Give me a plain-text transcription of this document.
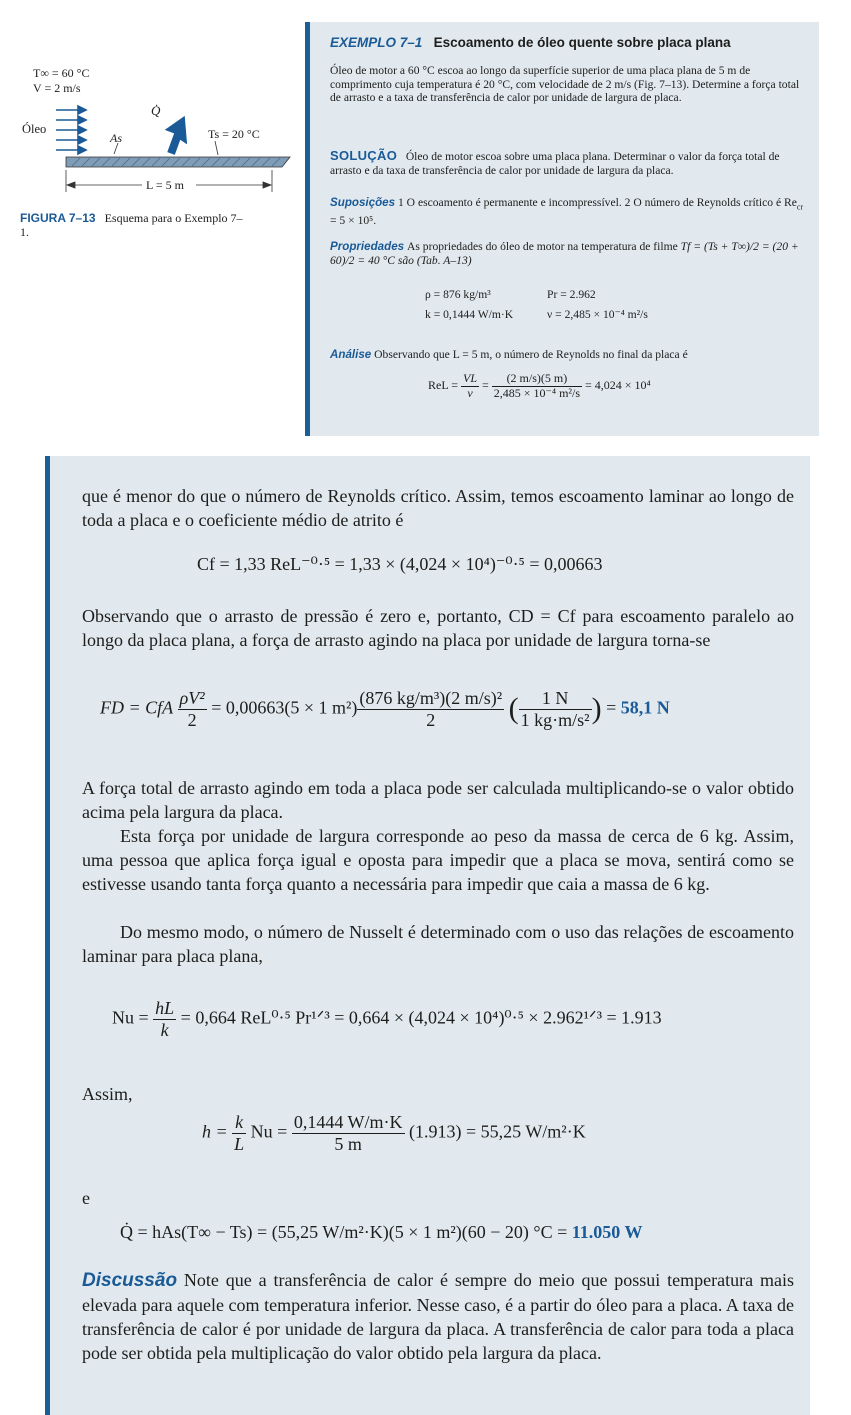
T∞ = 60 °C
V = 2 m/s
Óleo
Q̇
As	Ts = 20 °C
L = 5 m
FIGURA 7–13 Esquema para o Exemplo 7–1.
EXEMPLO 7–1 Escoamento de óleo quente sobre placa plana
Óleo de motor a 60 °C escoa ao longo da superfície superior de uma placa plana de 5 m de comprimento cuja temperatura é 20 °C, com velocidade de 2 m/s (Fig. 7–13). Determine a força total de arrasto e a taxa de transferência de calor por unidade de largura de placa.
SOLUÇÃO Óleo de motor escoa sobre uma placa plana. Determinar o valor da força total de arrasto e da taxa de transferência de calor por unidade de largura da placa.
Suposições 1 O escoamento é permanente e incompressível. 2 O número de Reynolds crítico é $Re_{cr} = 5 \times 10^5$.
Propriedades As propriedades do óleo de motor na temperatura de filme Tf = (Ts + T∞)/2 = (20 + 60)/2 = 40 °C são (Tab. A–13)
ρ = 876 kg/m³	Pr = 2.962
k = 0,1444 W/m·K	ν = 2,485 × 10⁻⁴ m²/s
Análise Observando que L = 5 m, o número de Reynolds no final da placa é
ReL = $\frac{VL}{\nu} = \frac{(2 m/s)(5 m)}{\text{2,485 × 10⁻⁴ m²/s}} = 4,024 \times 10^4$
que é menor do que o número de Reynolds crítico. Assim, temos escoamento laminar ao longo de toda a placa e o coeficiente médio de atrito é
Cf = 1,33 ReL⁻⁰·⁵ = 1,33 × (4,024 × 10⁴)⁻⁰·⁵ = 0,00663
Observando que o arrasto de pressão é zero e, portanto, CD = Cf para escoamento paralelo ao longo da placa plana, a força de arrasto agindo na placa por unidade de largura torna-se
FD = CfA $\frac{\text{ρV²}}{2} = 0,00663(5 \times 1$ $m^2) \frac{\text{(876 kg/m³)(2 m/s)²}}{2}$ ( $\frac{1 N}{\text{1 kg·m/s²}}$ ) = 58,1 N
A força total de arrasto agindo em toda a placa pode ser calculada multiplicando-se o valor obtido acima pela largura da placa.
Esta força por unidade de largura corresponde ao peso da massa de cerca de 6 kg. Assim, uma pessoa que aplica força igual e oposta para impedir que a placa se mova, sentirá como se estivesse usando tanta força quanto a necessária para impedir que caia a massa de 6 kg.
Do mesmo modo, o número de Nusselt é determinado com o uso das relações de escoamento laminar para placa plana,
$Nu = \frac{hL}{k} = 0,664$ ReL⁰·⁵ Pr¹ᐟ³ = 0,664 × (4,024 × 10⁴)⁰·⁵ × 2.962¹ᐟ³ = 1.913
Assim,
$h = \frac{k}{L}$ $Nu = \frac{0,1444 W/m\cdot K}{5 m} (1.913) = 55,25$ W/m²·K
e
Q̇ = hAs(T∞ − Ts) = (55,25 W/m²·K)(5 × 1 m²)(60 − 20) °C = 11.050 W
Discussão Note que a transferência de calor é sempre do meio que possui temperatura mais elevada para aquele com temperatura inferior. Nesse caso, é a partir do óleo para a placa. A taxa de transferência de calor é por unidade de largura da placa. A transferência de calor para toda a placa pode ser obtida pela multiplicação do valor obtido pela largura da placa.
